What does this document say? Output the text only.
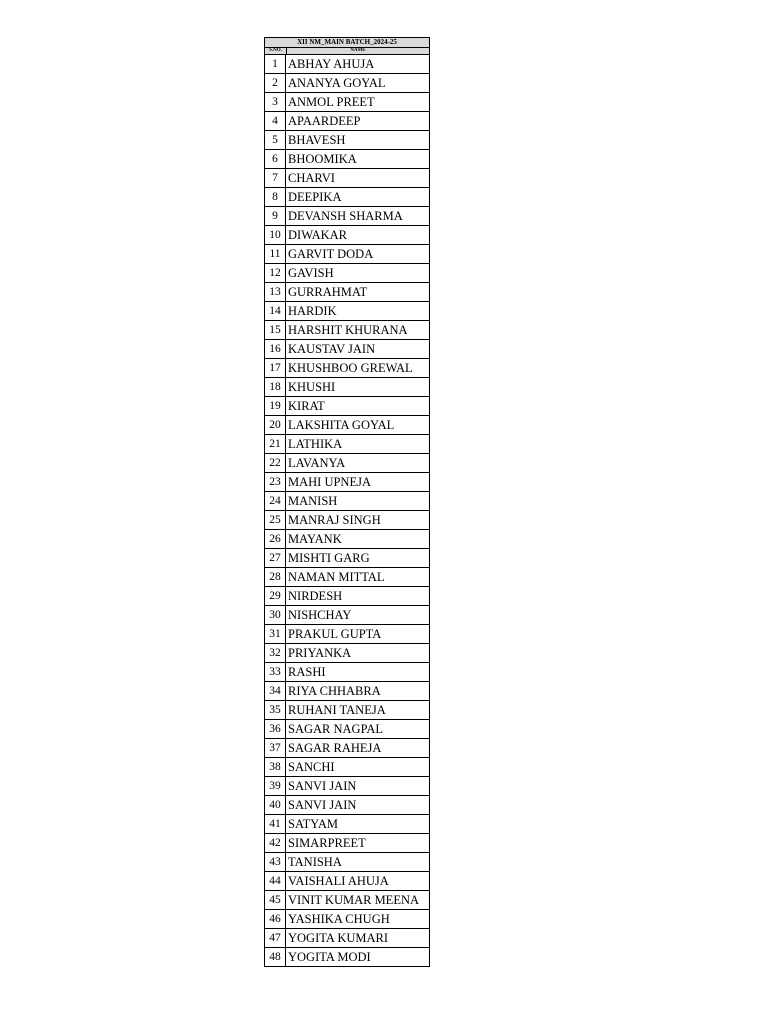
XII NM_MAIN BATCH_2024-25
S.NO.	NAME
1 ABHAY AHUJA
2 ANANYA GOYAL
3 ANMOL PREET
4 APAARDEEP
5 BHAVESH
6 BHOOMIKA
7 CHARVI
8 DEEPIKA
9 DEVANSH SHARMA
10 DIWAKAR
11 GARVIT DODA
12 GAVISH
13 GURRAHMAT
14 HARDIK
15 HARSHIT KHURANA
16 KAUSTAV JAIN
17 KHUSHBOO GREWAL
18 KHUSHI
19 KIRAT
20 LAKSHITA GOYAL
21 LATHIKA
22 LAVANYA
23 MAHI UPNEJA
24 MANISH
25 MANRAJ SINGH
26 MAYANK
27 MISHTI GARG
28 NAMAN MITTAL
29 NIRDESH
30 NISHCHAY
31 PRAKUL GUPTA
32 PRIYANKA
33 RASHI
34 RIYA CHHABRA
35 RUHANI TANEJA
36 SAGAR NAGPAL
37 SAGAR RAHEJA
38 SANCHI
39 SANVI JAIN
40 SANVI JAIN
41 SATYAM
42 SIMARPREET
43 TANISHA
44 VAISHALI AHUJA
45 VINIT KUMAR MEENA
46 YASHIKA CHUGH
47 YOGITA KUMARI
48 YOGITA MODI
